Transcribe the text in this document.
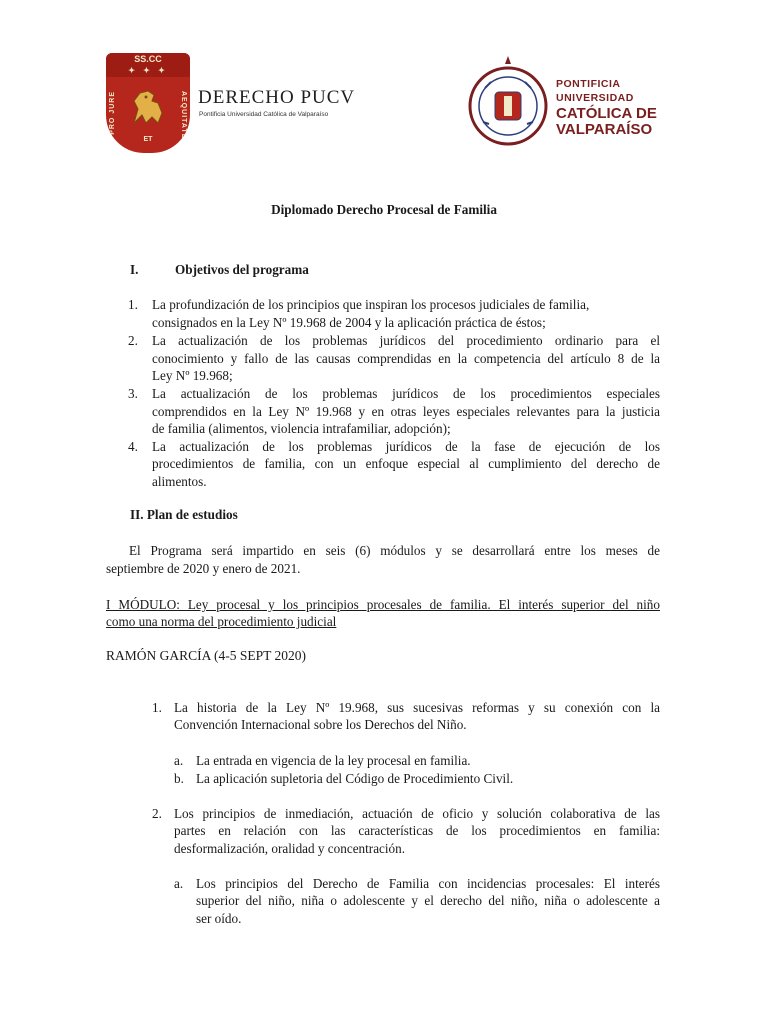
SS.CC
✦ ✦ ✦
PRO JURE	AEQUITATE
ET
DERECHO PUCV
Pontificia Universidad Católica de Valparaíso
PONTIFICIA
UNIVERSIDAD
CATÓLICA DE
VALPARAÍSO
Diplomado Derecho Procesal de Familia
I.	Objetivos del programa
1. La profundización de los principios que inspiran los procesos judiciales de familia,
consignados en la Ley Nº 19.968 de 2004 y la aplicación práctica de éstos;
2. La actualización de los problemas jurídicos del procedimiento ordinario para el
conocimiento y fallo de las causas comprendidas en la competencia del artículo 8 de la
Ley Nº 19.968;
3. La actualización de los problemas jurídicos de los procedimientos especiales
comprendidos en la Ley Nº 19.968 y en otras leyes especiales relevantes para la justicia
de familia (alimentos, violencia intrafamiliar, adopción);
4. La actualización de los problemas jurídicos de la fase de ejecución de los
procedimientos de familia, con un enfoque especial al cumplimiento del derecho de
alimentos.
II. Plan de estudios
El Programa será impartido en seis (6) módulos y se desarrollará entre los meses de
septiembre de 2020 y enero de 2021.
I MÓDULO: Ley procesal y los principios procesales de familia. El interés superior del niño
como una norma del procedimiento judicial
RAMÓN GARCÍA (4-5 SEPT 2020)
1. La historia de la Ley Nº 19.968, sus sucesivas reformas y su conexión con la
Convención Internacional sobre los Derechos del Niño.
a. La entrada en vigencia de la ley procesal en familia.
b. La aplicación supletoria del Código de Procedimiento Civil.
2. Los principios de inmediación, actuación de oficio y solución colaborativa de las
partes en relación con las características de los procedimientos en familia:
desformalización, oralidad y concentración.
a. Los principios del Derecho de Familia con incidencias procesales: El interés
superior del niño, niña o adolescente y el derecho del niño, niña o adolescente a
ser oído.
